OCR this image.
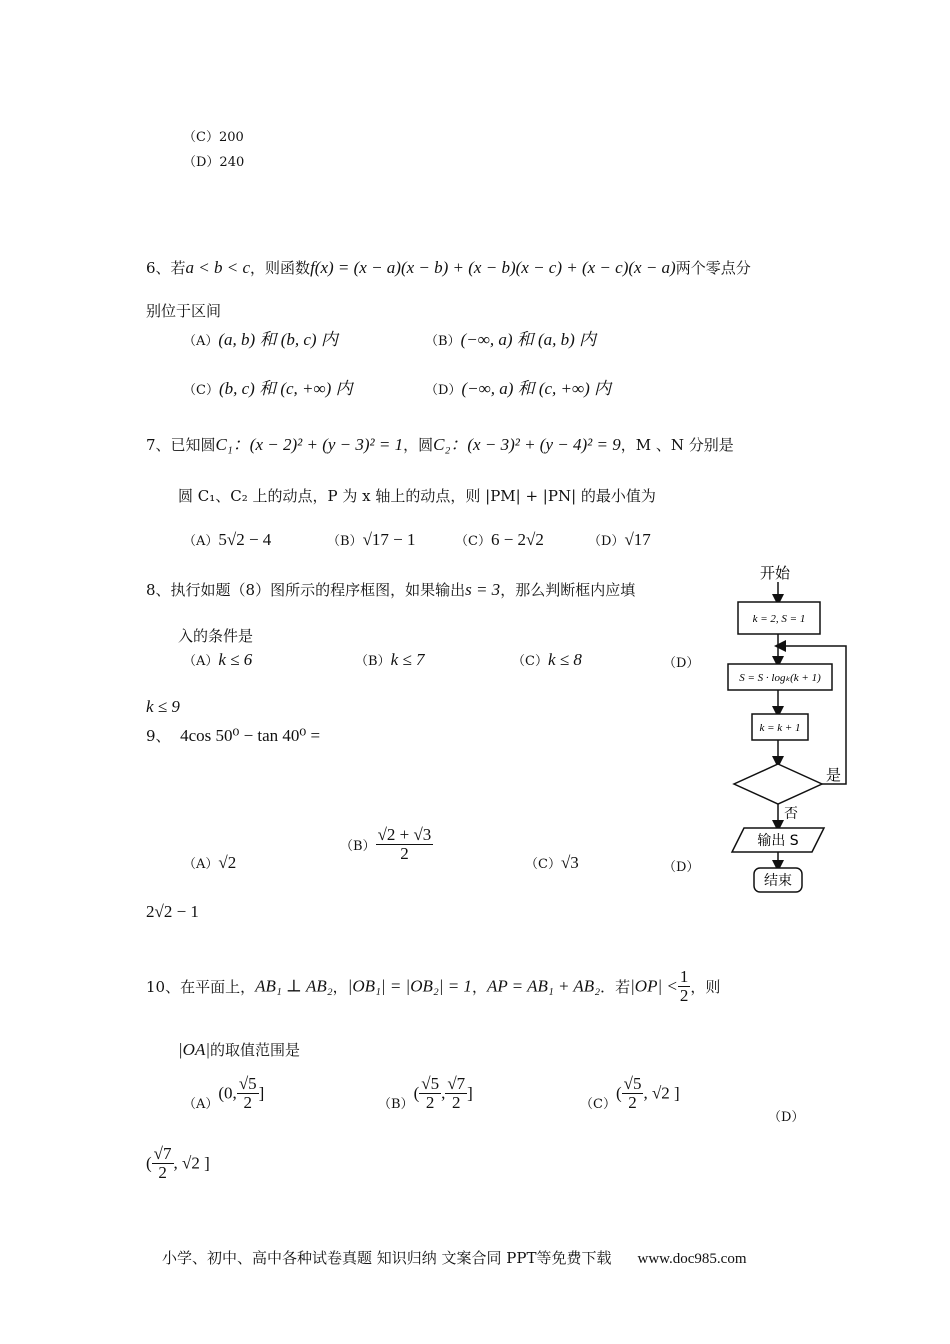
（C）200
（D）240
6、若a < b < c，则函数f(x) = (x − a)(x − b) + (x − b)(x − c) + (x − c)(x − a)两个零点分
别位于区间
（A）(a, b) 和 (b, c) 内	（B）(−∞, a) 和 (a, b) 内
（C）(b, c) 和 (c, +∞) 内	（D）(−∞, a) 和 (c, +∞) 内
7、已知圆C₁：(x − 2)² + (y − 3)² = 1，圆C₂：(x − 3)² + (y − 4)² = 9，M 、N 分别是
圆 C₁、C₂ 上的动点，P 为 x 轴上的动点，则 |PM| + |PN| 的最小值为
（A）5√2 − 4	（B）√17 − 1	（C）6 − 2√2	（D）√17
8、执行如题（8）图所示的程序框图，如果输出s = 3，那么判断框内应填
入的条件是
（A）k ≤ 6	（B）k ≤ 7	（C）k ≤ 8	（D）
k ≤ 9
9、 4cos 50⁰ − tan 40⁰ =
（A）√2
$(B) \frac{√2 + √3}{2}$
（C）√3	（D）
2√2 − 1
10、在平面上，AB₁ ⊥ AB₂，|OB₁| = |OB₂| = 1，AP = AB₁ + AB₂．若$|OP| < \frac{1}{2}$ ，则
|OA|的取值范围是
（A）(0, $\frac{√5}{2}$ ]
$(B)( \frac{√5}{2}$ , $\frac{√7}{2}$ ]
$(C)( \frac{√5}{2}$ , √2 ]
（D）
( $\frac{√7}{2}$ , √2 ]
开始
k = 2, S = 1
S = S · logₖ(k + 1)
k = k + 1
是
否
输出 S
结束
小学、初中、高中各种试卷真题 知识归纳 文案合同 PPT等免费下载 www.doc985.com
